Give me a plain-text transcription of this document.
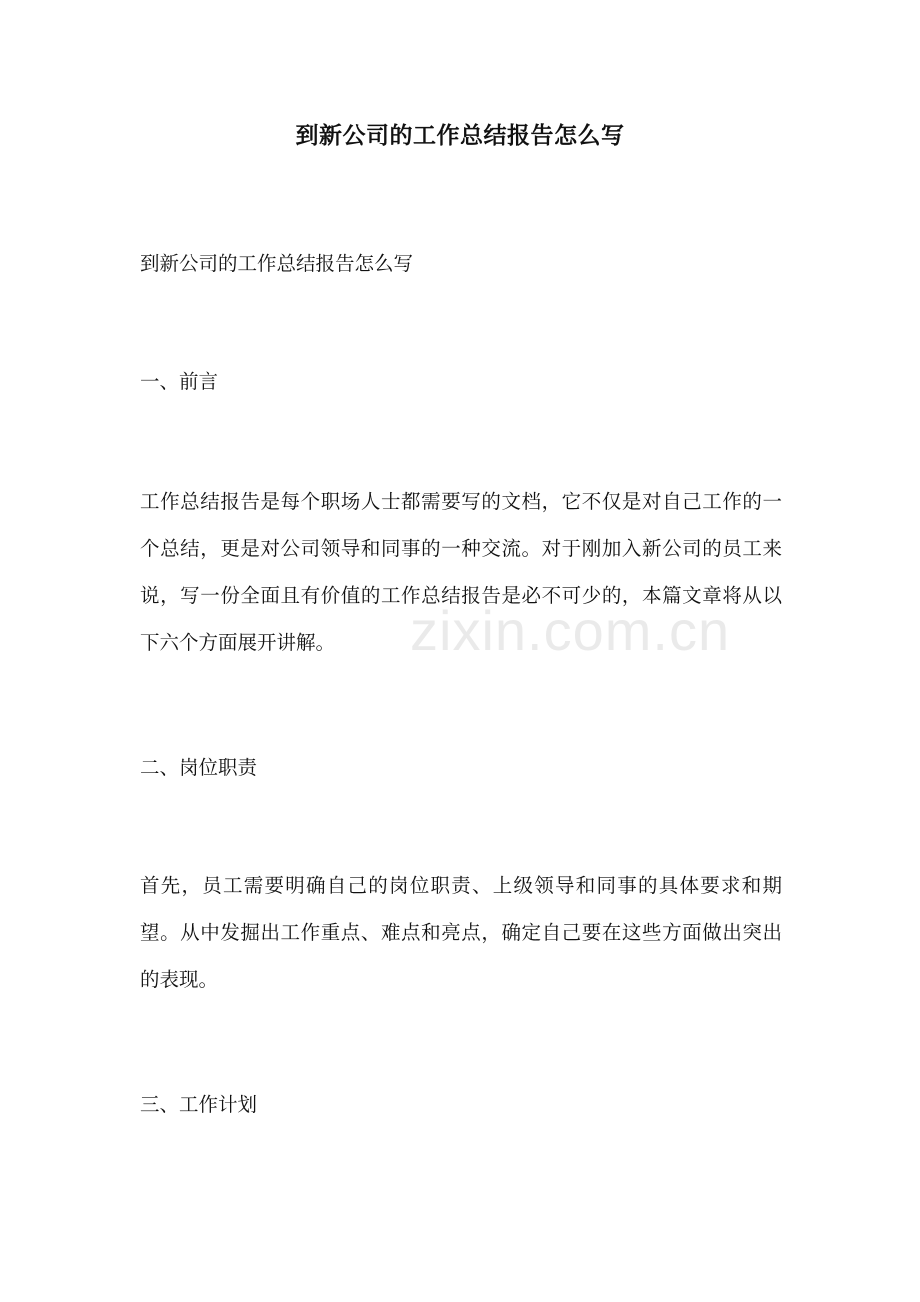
到新公司的工作总结报告怎么写
到新公司的工作总结报告怎么写
一、前言
工作总结报告是每个职场人士都需要写的文档，它不仅是对自己工作的一个总结，更是对公司领导和同事的一种交流。对于刚加入新公司的员工来说，写一份全面且有价值的工作总结报告是必不可少的，本篇文章将从以下六个方面展开讲解。
二、岗位职责
首先，员工需要明确自己的岗位职责、上级领导和同事的具体要求和期望。从中发掘出工作重点、难点和亮点，确定自己要在这些方面做出突出的表现。
三、工作计划
zixin.com.cn
